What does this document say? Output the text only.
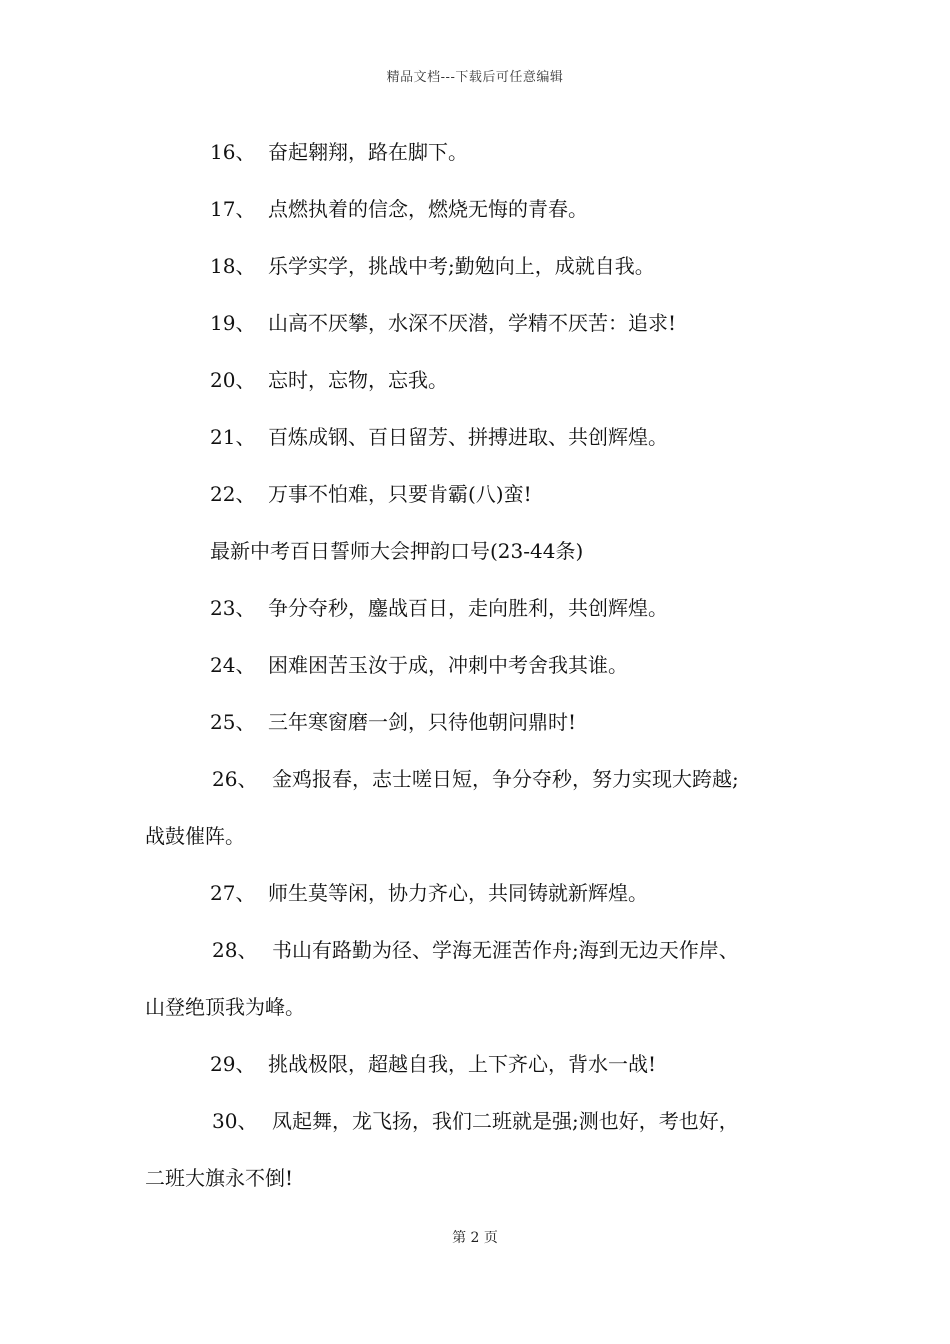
精品文档---下载后可任意编辑
16、 奋起翱翔，路在脚下。
17、 点燃执着的信念，燃烧无悔的青春。
18、 乐学实学，挑战中考;勤勉向上，成就自我。
19、 山高不厌攀，水深不厌潜，学精不厌苦：追求!
20、 忘时，忘物，忘我。
21、 百炼成钢、百日留芳、拼搏进取、共创辉煌。
22、 万事不怕难，只要肯霸(八)蛮!
最新中考百日誓师大会押韵口号(23-44条)
23、 争分夺秒，鏖战百日，走向胜利，共创辉煌。
24、 困难困苦玉汝于成，冲刺中考舍我其谁。
25、 三年寒窗磨一剑，只待他朝问鼎时!
26、 金鸡报春，志士嗟日短，争分夺秒，努力实现大跨越;
战鼓催阵。
27、 师生莫等闲，协力齐心，共同铸就新辉煌。
28、 书山有路勤为径、学海无涯苦作舟;海到无边天作岸、
山登绝顶我为峰。
29、 挑战极限，超越自我，上下齐心，背水一战!
30、 凤起舞，龙飞扬，我们二班就是强;测也好，考也好，
二班大旗永不倒!
第 2 页
